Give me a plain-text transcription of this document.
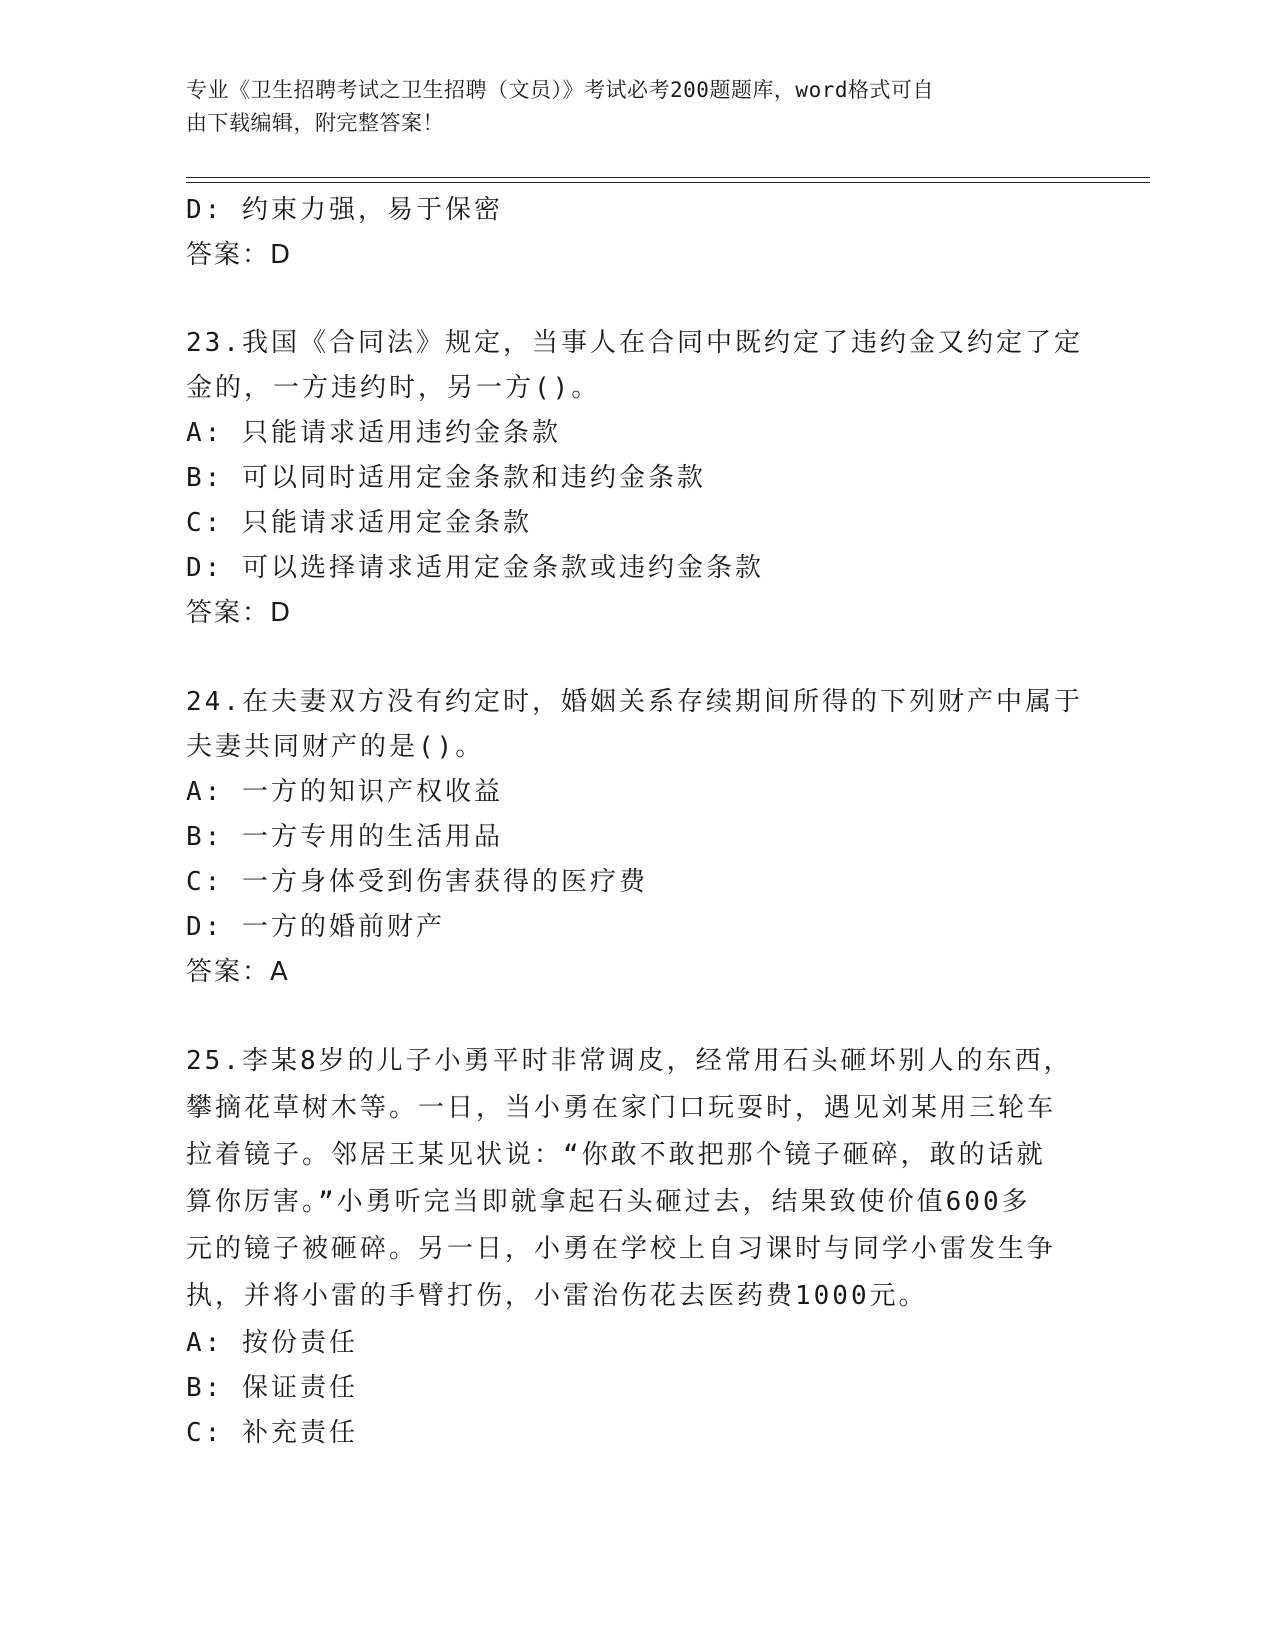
专业《卫生招聘考试之卫生招聘（文员）》考试必考200题题库，word格式可自
由下载编辑，附完整答案！
D: 约束力强，易于保密
答案：D
23.我国《合同法》规定，当事人在合同中既约定了违约金又约定了定
金的，一方违约时，另一方()。
A: 只能请求适用违约金条款
B: 可以同时适用定金条款和违约金条款
C: 只能请求适用定金条款
D: 可以选择请求适用定金条款或违约金条款
答案：D
24.在夫妻双方没有约定时，婚姻关系存续期间所得的下列财产中属于
夫妻共同财产的是()。
A: 一方的知识产权收益
B: 一方专用的生活用品
C: 一方身体受到伤害获得的医疗费
D: 一方的婚前财产
答案：A
25.李某8岁的儿子小勇平时非常调皮，经常用石头砸坏别人的东西，
攀摘花草树木等。一日，当小勇在家门口玩耍时，遇见刘某用三轮车
拉着镜子。邻居王某见状说：“你敢不敢把那个镜子砸碎，敢的话就
算你厉害。”小勇听完当即就拿起石头砸过去，结果致使价值600多
元的镜子被砸碎。另一日，小勇在学校上自习课时与同学小雷发生争
执，并将小雷的手臂打伤，小雷治伤花去医药费1000元。
A: 按份责任
B: 保证责任
C: 补充责任
